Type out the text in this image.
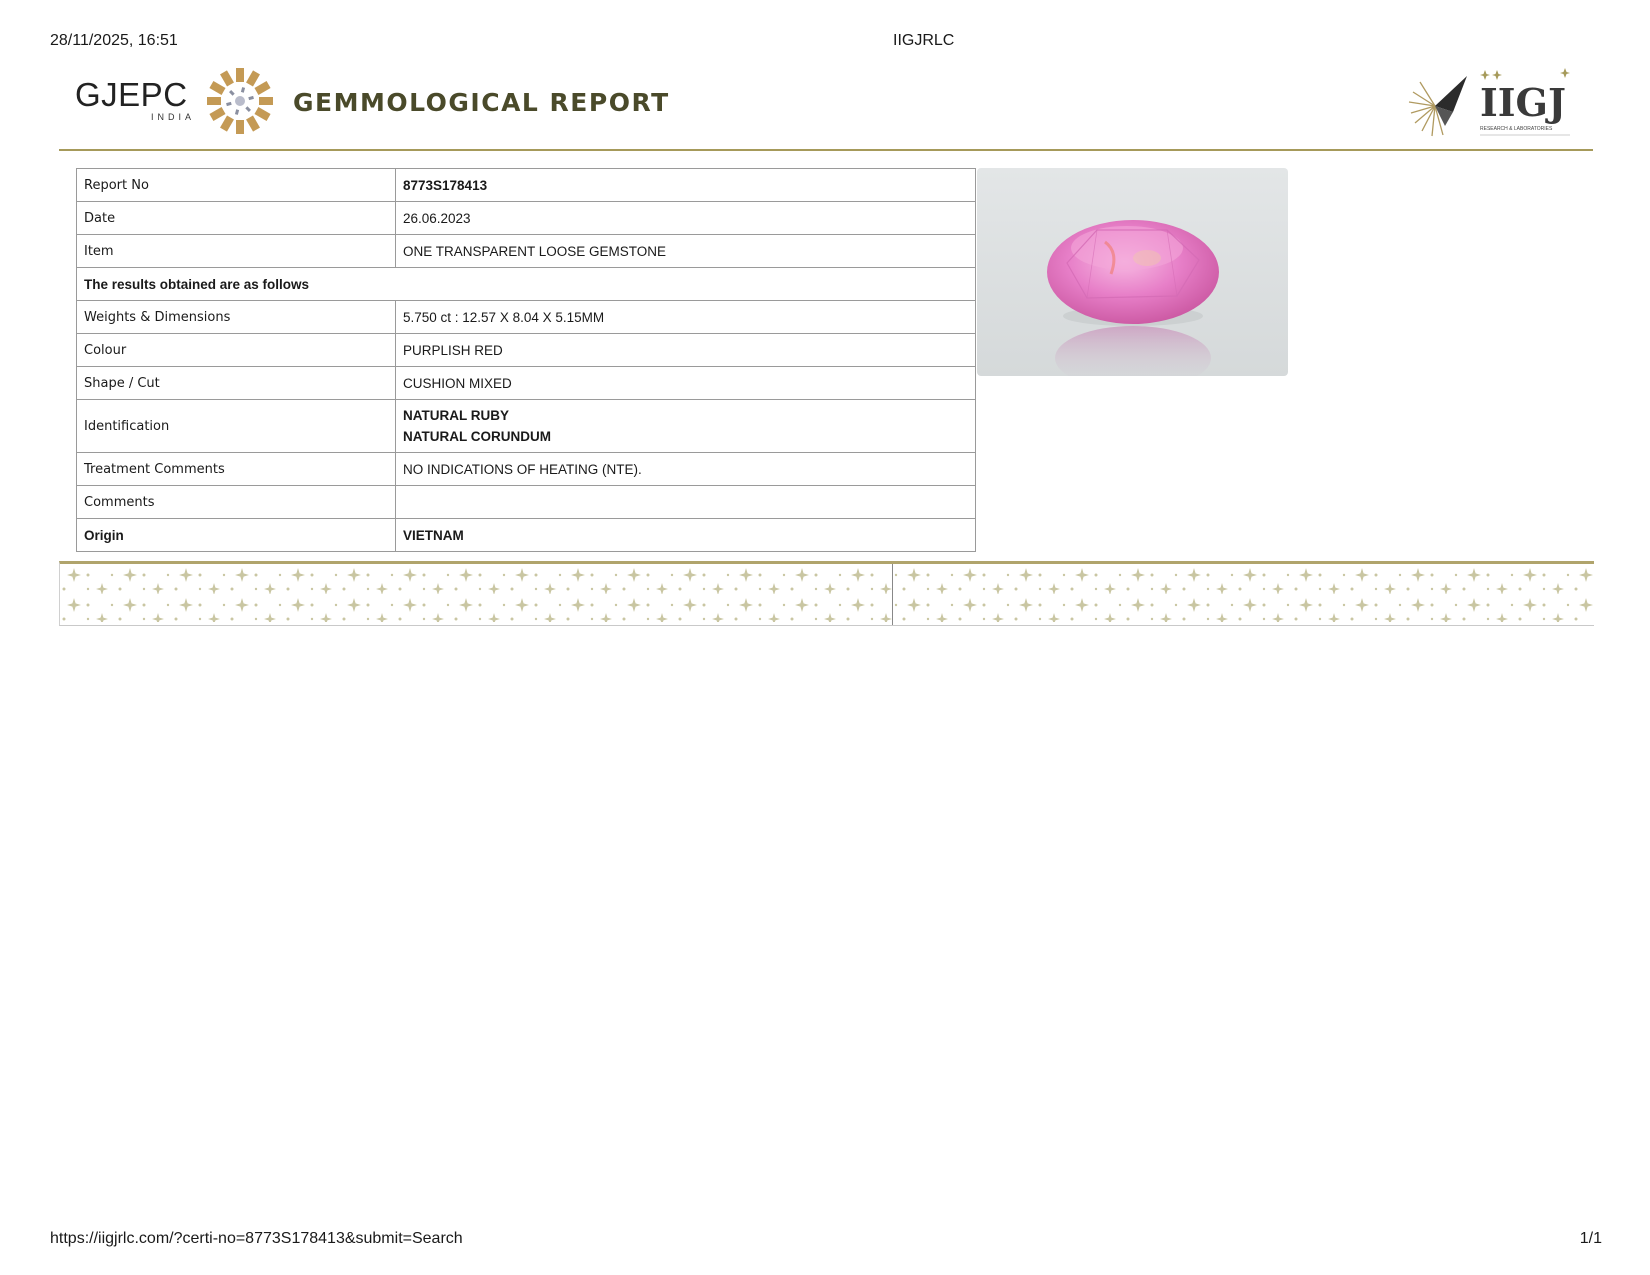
28/11/2025, 16:51	IIGJRLC
GJEPC
INDIA	GEMMOLOGICAL REPORT	IIGJ
RESEARCH & LABORATORIES
Report No	8773S178413
Date	26.06.2023
Item	ONE TRANSPARENT LOOSE GEMSTONE
The results obtained are as follows	
Weights & Dimensions	5.750 ct : 12.57 X 8.04 X 5.15MM
Colour	PURPLISH RED
Shape / Cut	CUSHION MIXED
Identification	NATURAL RUBY
NATURAL CORUNDUM

Treatment Comments	NO INDICATIONS OF HEATING (NTE).
Comments	
Origin	VIETNAM
https://iigjrlc.com/?certi-no=8773S178413&submit=Search	1/1
